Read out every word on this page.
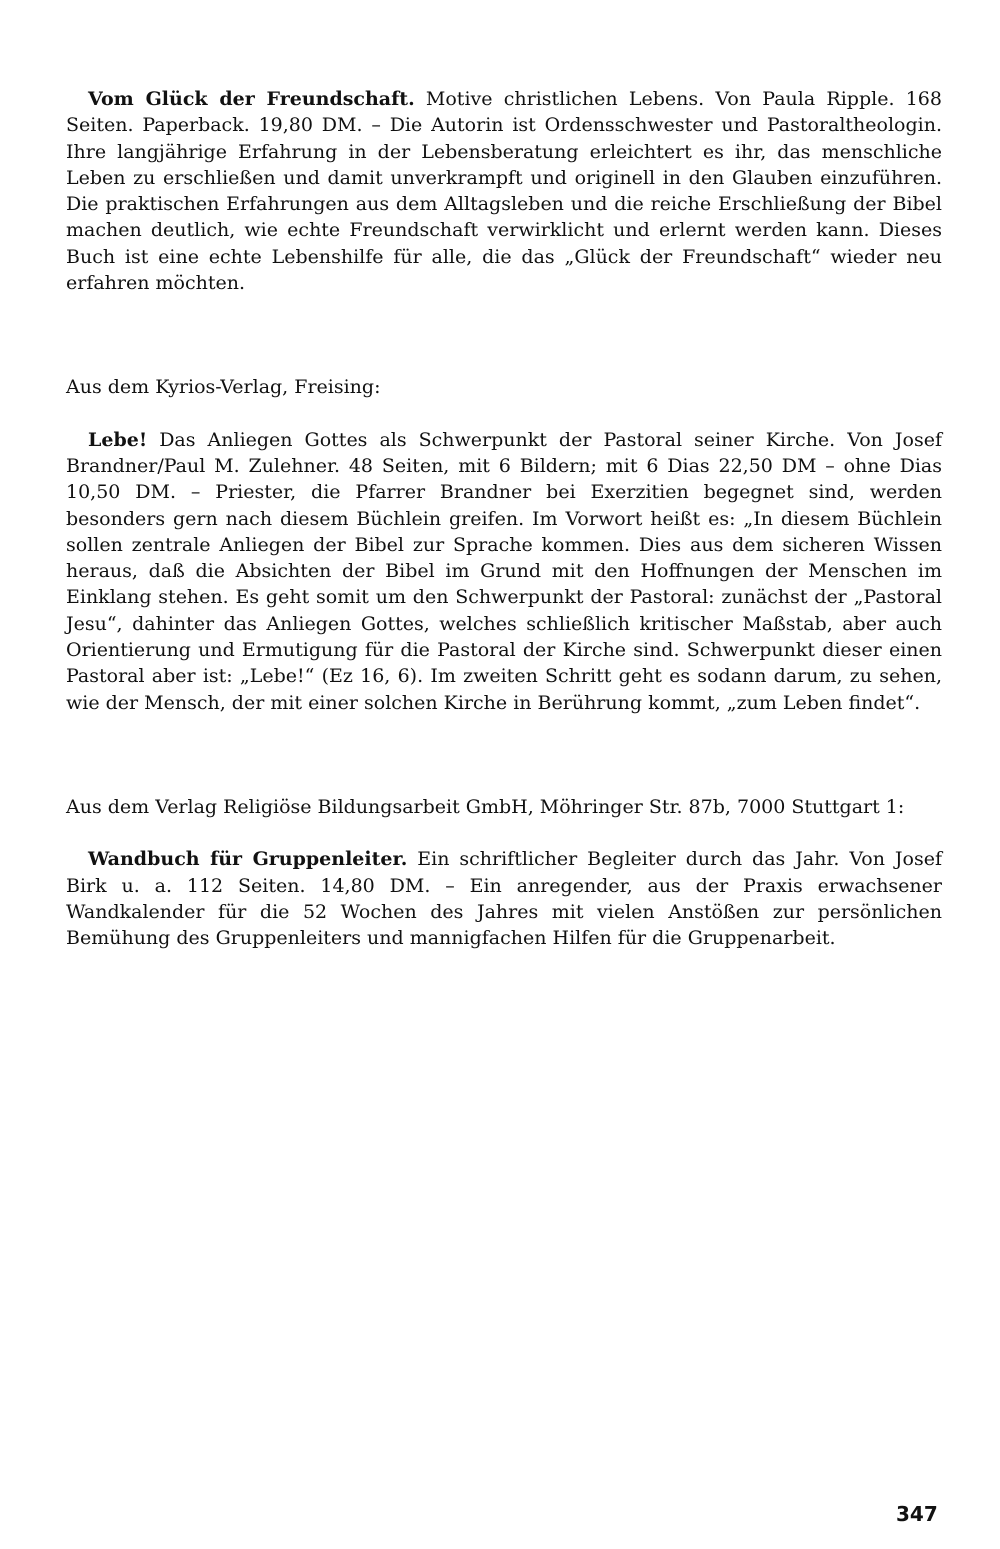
Vom Glück der Freundschaft. Motive christlichen Lebens. Von Paula Ripple. 168 Seiten. Paperback. 19,80 DM. – Die Autorin ist Ordensschwester und Pastoraltheologin. Ihre langjährige Erfahrung in der Lebensberatung erleichtert es ihr, das menschliche Leben zu erschließen und damit unverkrampft und originell in den Glauben einzuführen. Die praktischen Erfahrungen aus dem Alltagsleben und die reiche Erschließung der Bibel machen deutlich, wie echte Freundschaft verwirklicht und erlernt werden kann. Dieses Buch ist eine echte Lebenshilfe für alle, die das „Glück der Freundschaft“ wieder neu erfahren möchten.

Aus dem Kyrios-Verlag, Freising:

Lebe! Das Anliegen Gottes als Schwerpunkt der Pastoral seiner Kirche. Von Josef Brandner/Paul M. Zulehner. 48 Seiten, mit 6 Bildern; mit 6 Dias 22,50 DM – ohne Dias 10,50 DM. – Priester, die Pfarrer Brandner bei Exerzitien begegnet sind, werden besonders gern nach diesem Büchlein greifen. Im Vorwort heißt es: „In diesem Büchlein sollen zentrale Anliegen der Bibel zur Sprache kommen. Dies aus dem sicheren Wissen heraus, daß die Absichten der Bibel im Grund mit den Hoffnungen der Menschen im Einklang stehen. Es geht somit um den Schwerpunkt der Pastoral: zunächst der „Pastoral Jesu“, dahinter das Anliegen Gottes, welches schließlich kritischer Maßstab, aber auch Orientierung und Ermutigung für die Pastoral der Kirche sind. Schwerpunkt dieser einen Pastoral aber ist: „Lebe!“ (Ez 16, 6). Im zweiten Schritt geht es sodann darum, zu sehen, wie der Mensch, der mit einer solchen Kirche in Berührung kommt, „zum Leben findet“.

Aus dem Verlag Religiöse Bildungsarbeit GmbH, Möhringer Str. 87b, 7000 Stuttgart 1:

Wandbuch für Gruppenleiter. Ein schriftlicher Begleiter durch das Jahr. Von Josef Birk u. a. 112 Seiten. 14,80 DM. – Ein anregender, aus der Praxis erwachsener Wandkalender für die 52 Wochen des Jahres mit vielen Anstößen zur persönlichen Bemühung des Gruppenleiters und mannigfachen Hilfen für die Gruppenarbeit.

347
